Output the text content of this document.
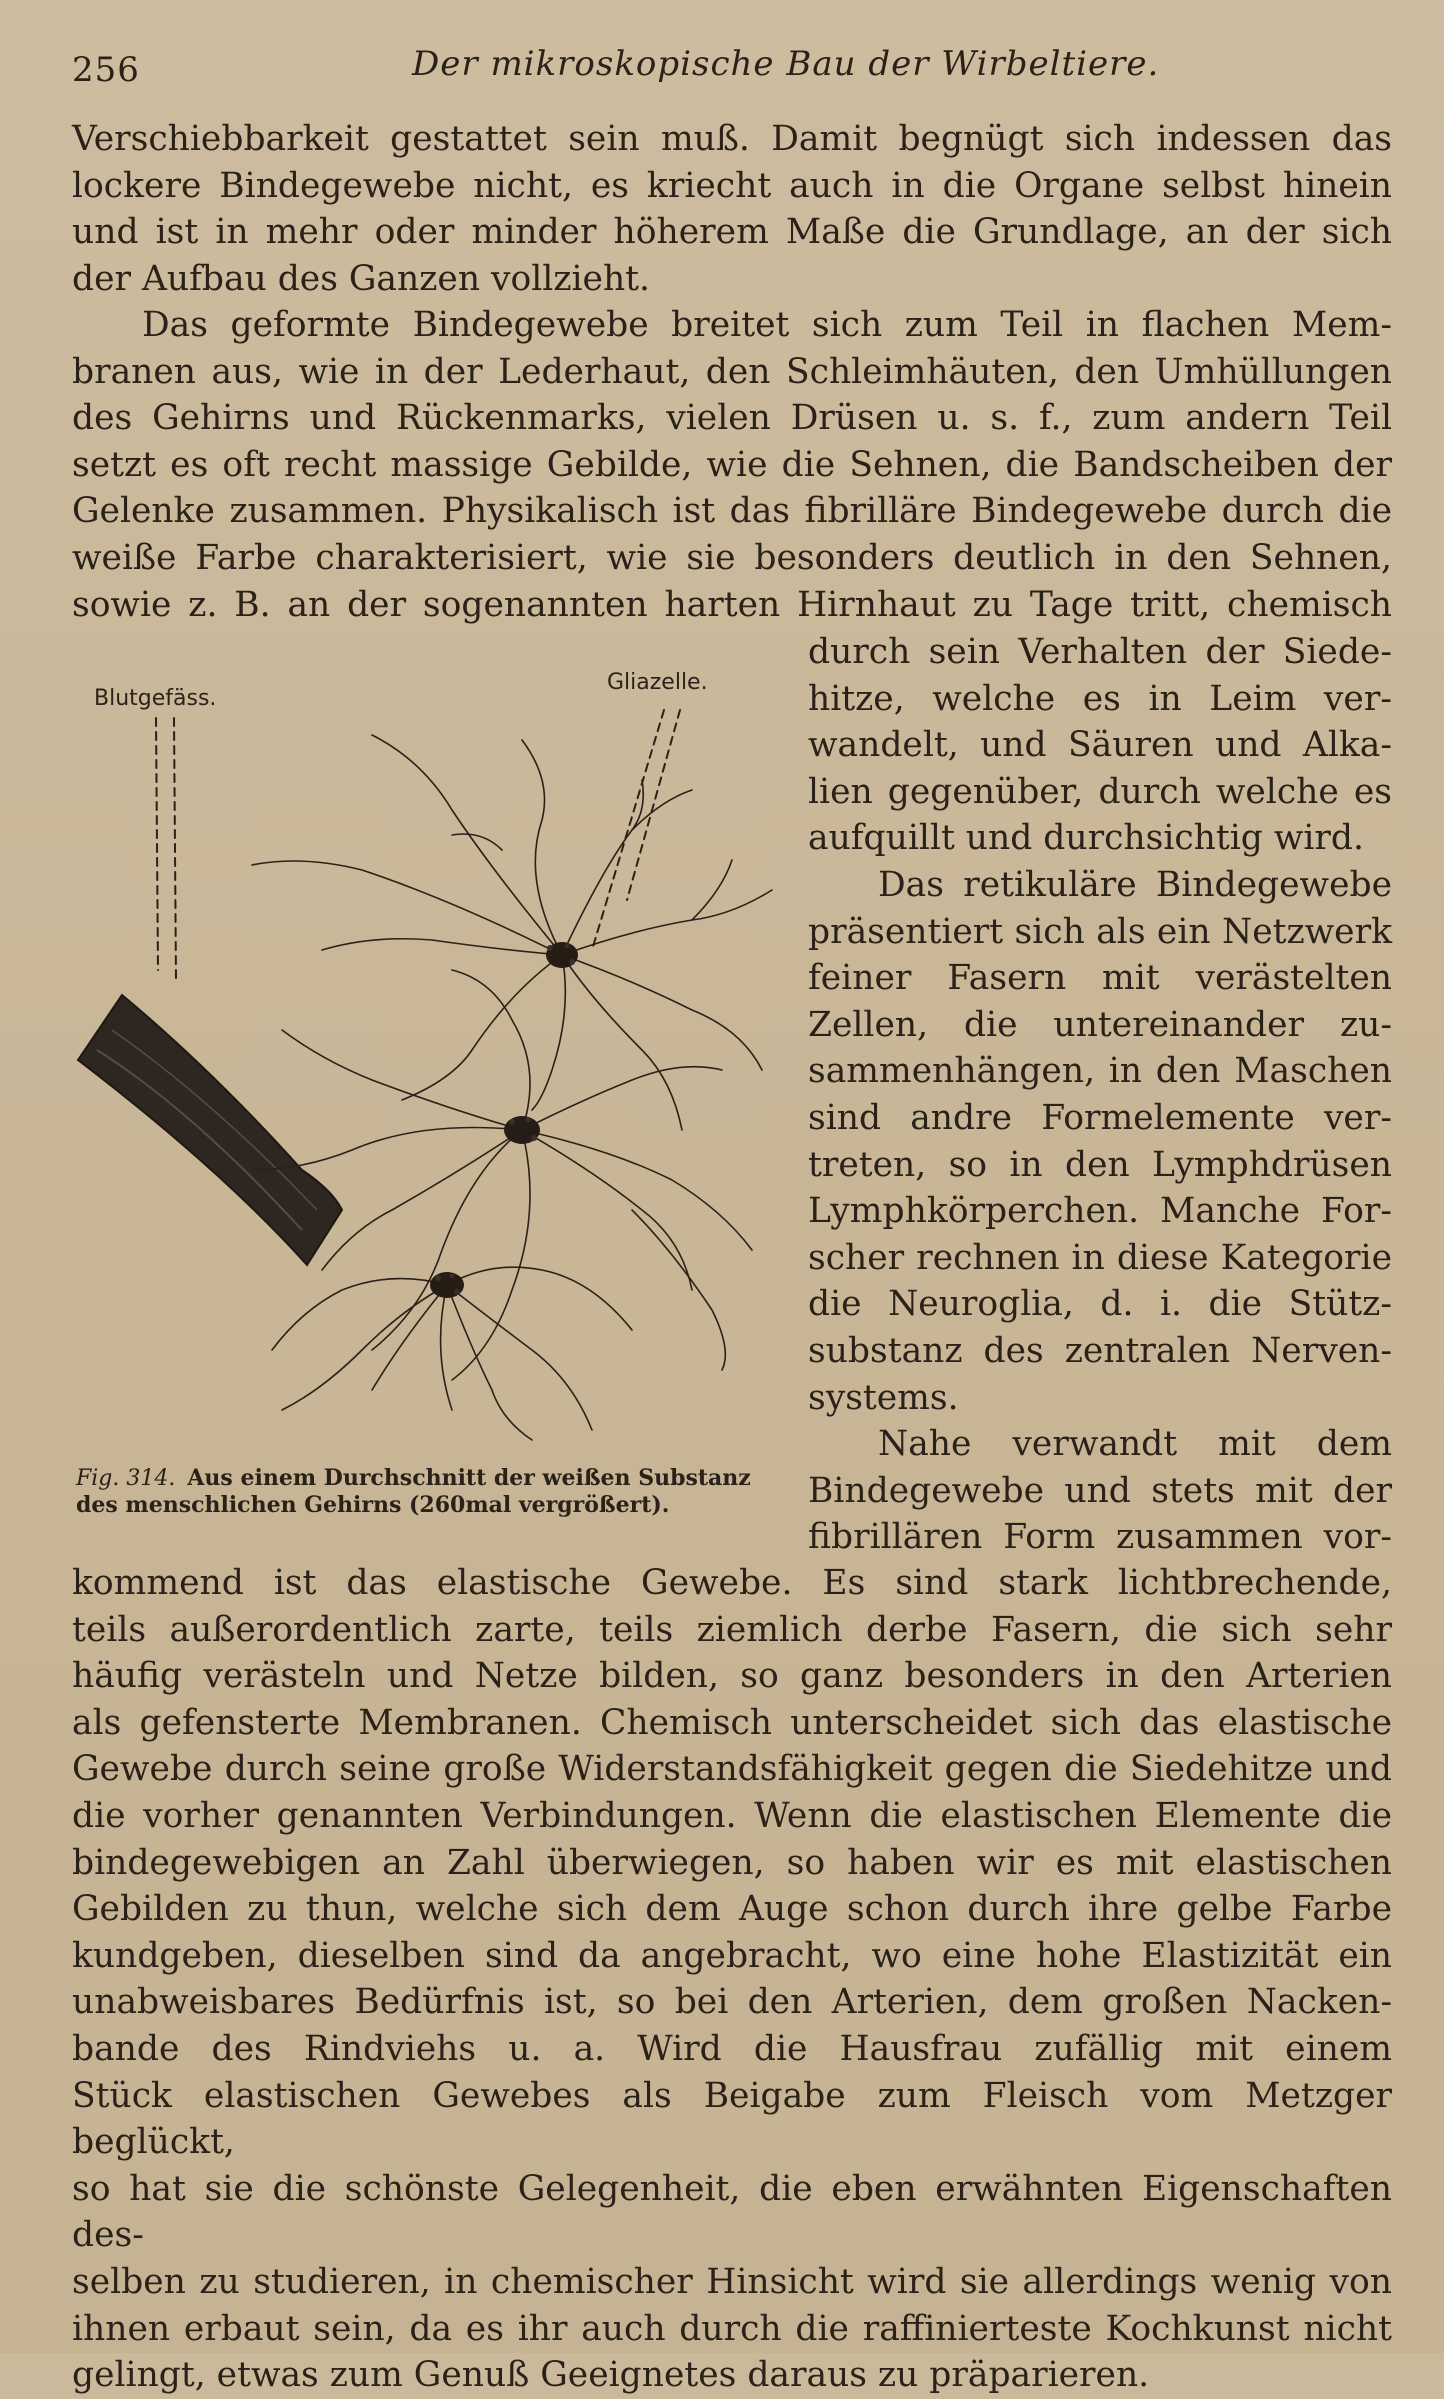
256	Der mikroskopische Bau der Wirbeltiere.

Verschiebbarkeit gestattet sein muß. Damit begnügt sich indessen das

lockere Bindegewebe nicht, es kriecht auch in die Organe selbst hinein

und ist in mehr oder minder höherem Maße die Grundlage, an der sich

der Aufbau des Ganzen vollzieht.

Das geformte Bindegewebe breitet sich zum Teil in flachen Mem-

branen aus, wie in der Lederhaut, den Schleimhäuten, den Umhüllungen

des Gehirns und Rückenmarks, vielen Drüsen u. s. f., zum andern Teil

setzt es oft recht massige Gebilde, wie die Sehnen, die Bandscheiben der

Gelenke zusammen. Physikalisch ist das fibrilläre Bindegewebe durch die

weiße Farbe charakterisiert, wie sie besonders deutlich in den Sehnen,

sowie z. B. an der sogenannten harten Hirnhaut zu Tage tritt, chemisch

durch sein Verhalten der Siede-

hitze, welche es in Leim ver-

wandelt, und Säuren und Alka-

lien gegenüber, durch welche es

aufquillt und durchsichtig wird.

Das retikuläre Bindegewebe

präsentiert sich als ein Netzwerk

feiner Fasern mit verästelten

Zellen, die untereinander zu-

sammenhängen, in den Maschen

sind andre Formelemente ver-

treten, so in den Lymphdrüsen

Lymphkörperchen. Manche For-

scher rechnen in diese Kategorie

die Neuroglia, d. i. die Stütz-

substanz des zentralen Nerven-

systems.

Nahe verwandt mit dem

Bindegewebe und stets mit der

fibrillären Form zusammen vor-

Blutgefäss.
Gliazelle.
Fig. 314. Aus einem Durchschnitt der weißen Substanz des menschlichen Gehirns (260mal vergrößert).

kommend ist das elastische Gewebe. Es sind stark lichtbrechende,

teils außerordentlich zarte, teils ziemlich derbe Fasern, die sich sehr

häufig verästeln und Netze bilden, so ganz besonders in den Arterien

als gefensterte Membranen. Chemisch unterscheidet sich das elastische

Gewebe durch seine große Widerstandsfähigkeit gegen die Siedehitze und

die vorher genannten Verbindungen. Wenn die elastischen Elemente die

bindegewebigen an Zahl überwiegen, so haben wir es mit elastischen

Gebilden zu thun, welche sich dem Auge schon durch ihre gelbe Farbe

kundgeben, dieselben sind da angebracht, wo eine hohe Elastizität ein

unabweisbares Bedürfnis ist, so bei den Arterien, dem großen Nacken-

bande des Rindviehs u. a. Wird die Hausfrau zufällig mit einem

Stück elastischen Gewebes als Beigabe zum Fleisch vom Metzger beglückt,

so hat sie die schönste Gelegenheit, die eben erwähnten Eigenschaften des-

selben zu studieren, in chemischer Hinsicht wird sie allerdings wenig von

ihnen erbaut sein, da es ihr auch durch die raffinierteste Kochkunst nicht

gelingt, etwas zum Genuß Geeignetes daraus zu präparieren.
